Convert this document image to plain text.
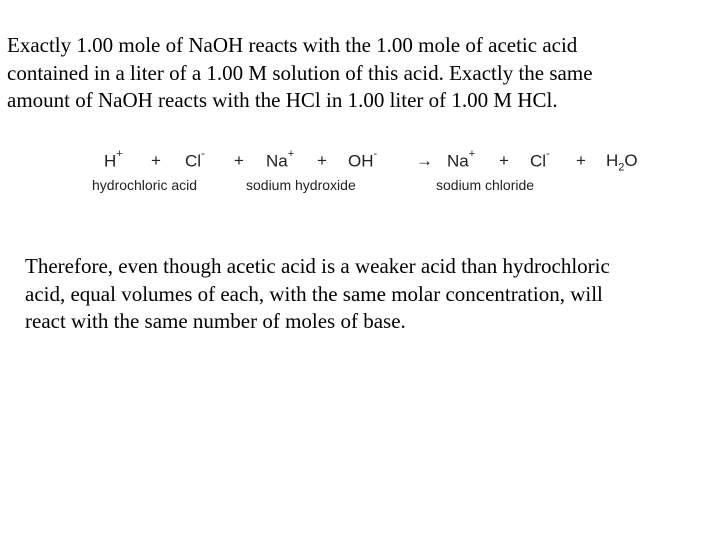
Exactly 1.00 mole of NaOH reacts with the 1.00 mole of acetic acid
contained in a liter of a 1.00 M solution of this acid. Exactly the same
amount of NaOH reacts with the HCl in 1.00 liter of 1.00 M HCl.

$H^+ + Cl^- + Na^+ + OH^- \to Na^+ + Cl^- + H_2O$
hydrochloric acid	sodium hydroxide	sodium chloride

Therefore, even though acetic acid is a weaker acid than hydrochloric
acid, equal volumes of each, with the same molar concentration, will
react with the same number of moles of base.
